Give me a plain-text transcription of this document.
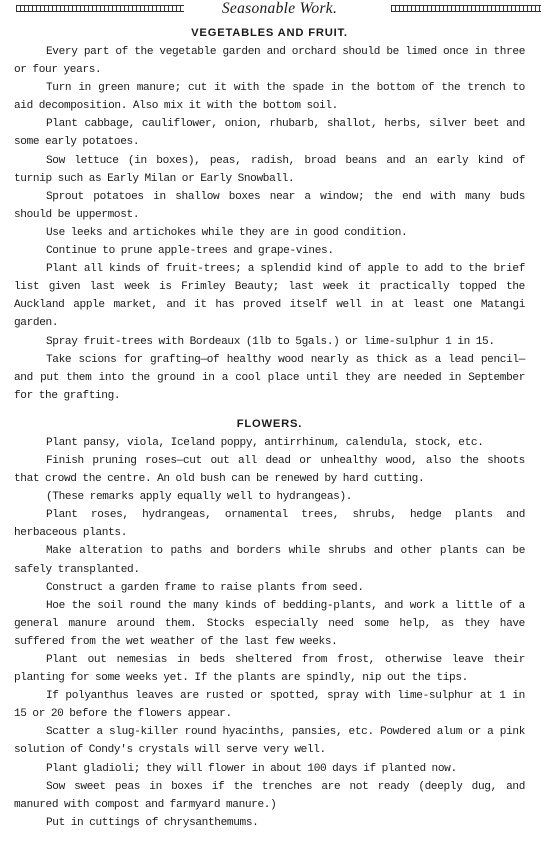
Seasonable Work.
VEGETABLES AND FRUIT.

Every part of the vegetable garden and orchard should be limed once in three or four years.

Turn in green manure; cut it with the spade in the bottom of the trench to aid decomposition. Also mix it with the bottom soil.

Plant cabbage, cauliflower, onion, rhubarb, shallot, herbs, silver beet and some early potatoes.

Sow lettuce (in boxes), peas, radish, broad beans and an early kind of turnip such as Early Milan or Early Snowball.

Sprout potatoes in shallow boxes near a window; the end with many buds should be uppermost.

Use leeks and artichokes while they are in good condition.

Continue to prune apple-trees and grape-vines.

Plant all kinds of fruit-trees; a splendid kind of apple to add to the brief list given last week is Frimley Beauty; last week it practically topped the Auckland apple market, and it has proved itself well in at least one Matangi garden.

Spray fruit-trees with Bordeaux (1lb to 5gals.) or lime-sulphur 1 in 15.

Take scions for grafting—of healthy wood nearly as thick as a lead pencil—and put them into the ground in a cool place until they are needed in September for the grafting.

FLOWERS.

Plant pansy, viola, Iceland poppy, antirrhinum, calendula, stock, etc.

Finish pruning roses—cut out all dead or unhealthy wood, also the shoots that crowd the centre. An old bush can be renewed by hard cutting.

(These remarks apply equally well to hydrangeas).

Plant roses, hydrangeas, ornamental trees, shrubs, hedge plants and herbaceous plants.

Make alteration to paths and borders while shrubs and other plants can be safely transplanted.

Construct a garden frame to raise plants from seed.

Hoe the soil round the many kinds of bedding-plants, and work a little of a general manure around them. Stocks especially need some help, as they have suffered from the wet weather of the last few weeks.

Plant out nemesias in beds sheltered from frost, otherwise leave their planting for some weeks yet. If the plants are spindly, nip out the tips.

If polyanthus leaves are rusted or spotted, spray with lime-sulphur at 1 in 15 or 20 before the flowers appear.

Scatter a slug-killer round hyacinths, pansies, etc. Powdered alum or a pink solution of Condy's crystals will serve very well.

Plant gladioli; they will flower in about 100 days if planted now.

Sow sweet peas in boxes if the trenches are not ready (deeply dug, and manured with compost and farmyard manure.)

Put in cuttings of chrysanthemums.
